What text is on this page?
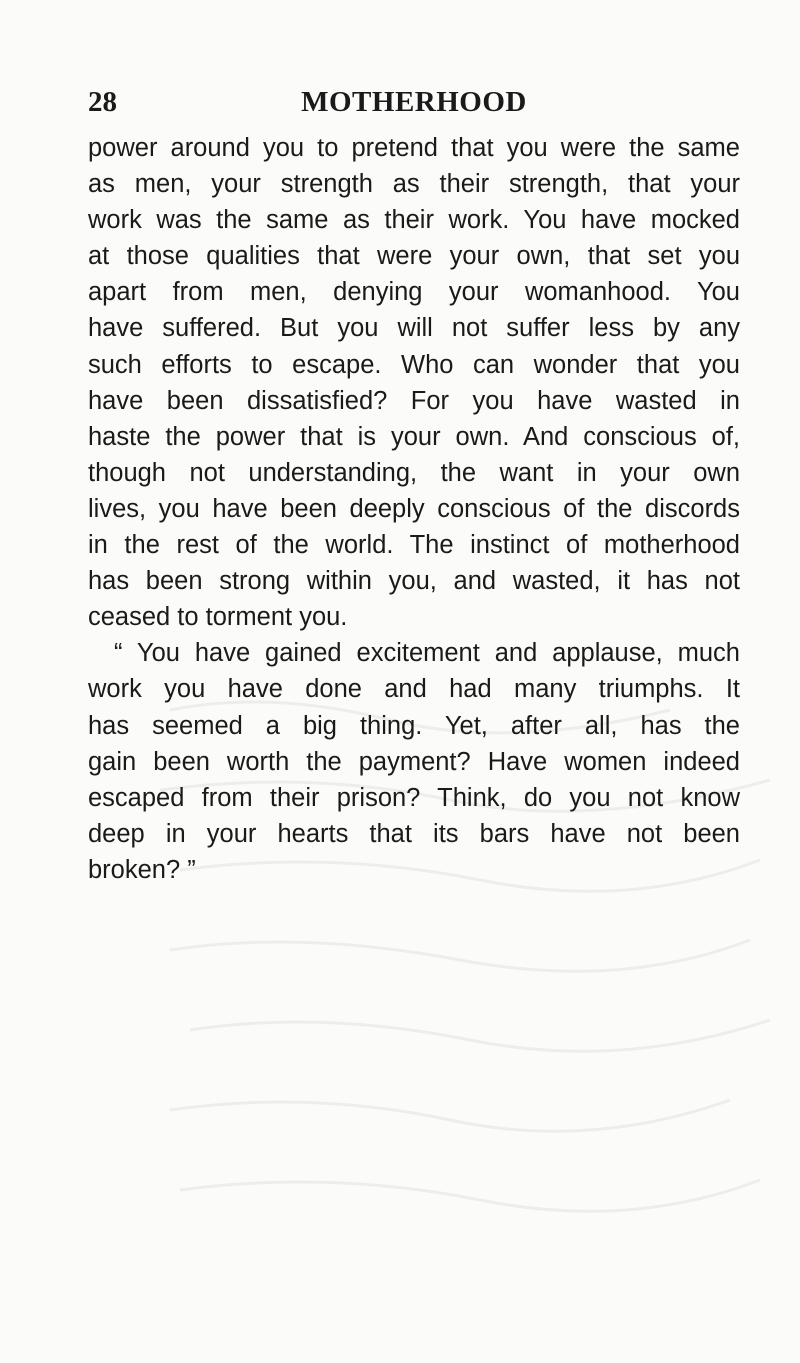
28	MOTHERHOOD
power around you to pretend that you were the same
as men, your strength as their strength, that your
work was the same as their work. You have mocked
at those qualities that were your own, that set you
apart from men, denying your womanhood. You
have suffered. But you will not suffer less by any
such efforts to escape. Who can wonder that you
have been dissatisfied? For you have wasted in
haste the power that is your own. And conscious of,
though not understanding, the want in your own
lives, you have been deeply conscious of the discords
in the rest of the world. The instinct of motherhood
has been strong within you, and wasted, it has not
ceased to torment you.
“ You have gained excitement and applause, much
work you have done and had many triumphs. It
has seemed a big thing. Yet, after all, has the
gain been worth the payment? Have women indeed
escaped from their prison? Think, do you not know
deep in your hearts that its bars have not been
broken? ”
